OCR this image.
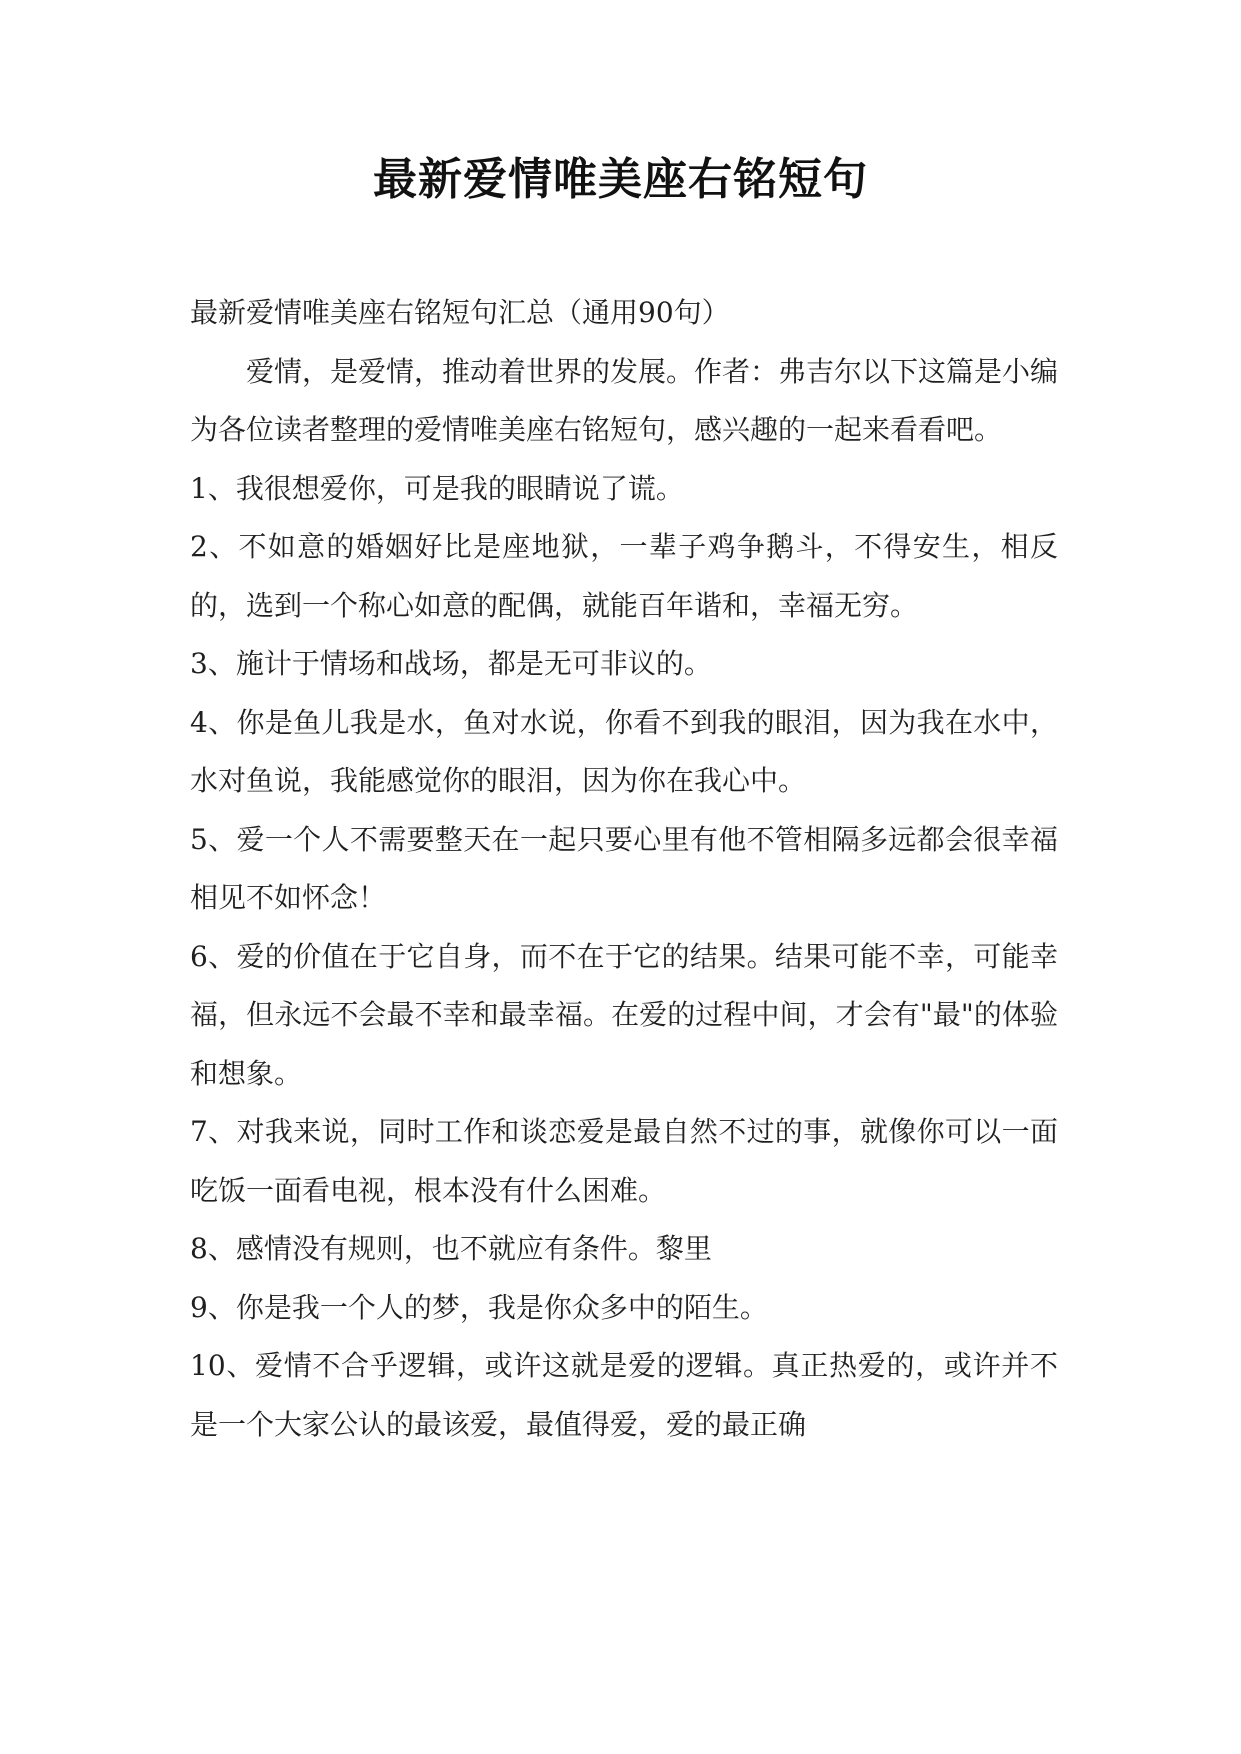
最新爱情唯美座右铭短句

最新爱情唯美座右铭短句汇总（通用90句）

爱情，是爱情，推动着世界的发展。作者：弗吉尔以下这篇是小编为各位读者整理的爱情唯美座右铭短句，感兴趣的一起来看看吧。

1、我很想爱你，可是我的眼睛说了谎。

2、不如意的婚姻好比是座地狱，一辈子鸡争鹅斗，不得安生，相反的，选到一个称心如意的配偶，就能百年谐和，幸福无穷。

3、施计于情场和战场，都是无可非议的。

4、你是鱼儿我是水，鱼对水说，你看不到我的眼泪，因为我在水中，水对鱼说，我能感觉你的眼泪，因为你在我心中。

5、爱一个人不需要整天在一起只要心里有他不管相隔多远都会很幸福相见不如怀念！

6、爱的价值在于它自身，而不在于它的结果。结果可能不幸，可能幸福，但永远不会最不幸和最幸福。在爱的过程中间，才会有"最"的体验和想象。

7、对我来说，同时工作和谈恋爱是最自然不过的事，就像你可以一面吃饭一面看电视，根本没有什么困难。

8、感情没有规则，也不就应有条件。黎里

9、你是我一个人的梦，我是你众多中的陌生。

10、爱情不合乎逻辑，或许这就是爱的逻辑。真正热爱的，或许并不是一个大家公认的最该爱，最值得爱，爱的最正确
